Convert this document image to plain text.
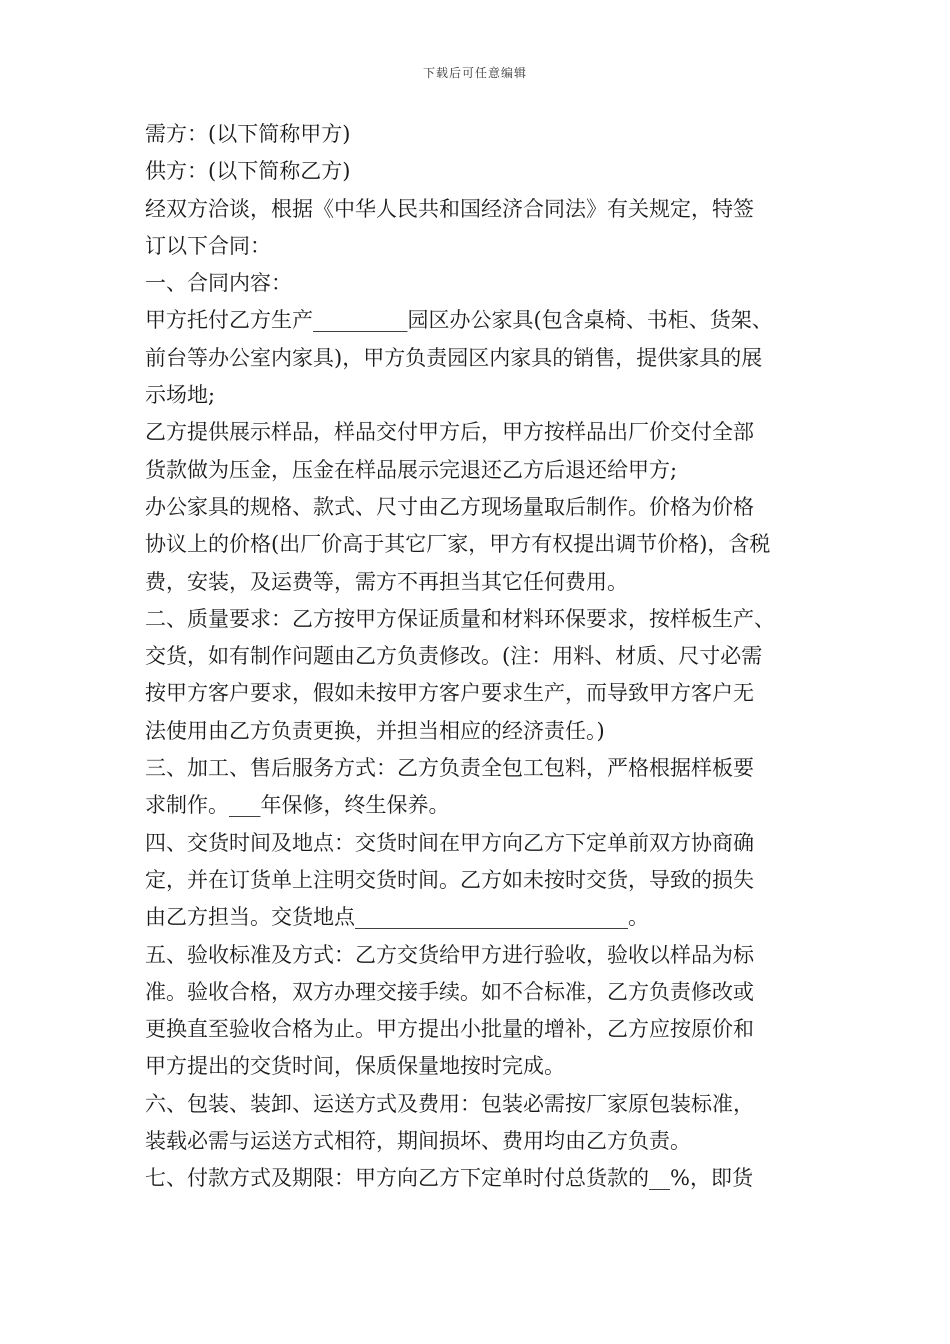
下载后可任意编辑
需方：(以下简称甲方)
供方：(以下简称乙方)
经双方洽谈，根据《中华人民共和国经济合同法》有关规定，特签
订以下合同：
一、合同内容：
甲方托付乙方生产_________园区办公家具(包含桌椅、书柜、货架、
前台等办公室内家具)，甲方负责园区内家具的销售，提供家具的展
示场地;
乙方提供展示样品，样品交付甲方后，甲方按样品出厂价交付全部
货款做为压金，压金在样品展示完退还乙方后退还给甲方;
办公家具的规格、款式、尺寸由乙方现场量取后制作。价格为价格
协议上的价格(出厂价高于其它厂家，甲方有权提出调节价格)，含税
费，安装，及运费等，需方不再担当其它任何费用。
二、质量要求：乙方按甲方保证质量和材料环保要求，按样板生产、
交货，如有制作问题由乙方负责修改。(注：用料、材质、尺寸必需
按甲方客户要求，假如未按甲方客户要求生产，而导致甲方客户无
法使用由乙方负责更换，并担当相应的经济责任。)
三、加工、售后服务方式：乙方负责全包工包料，严格根据样板要
求制作。___年保修，终生保养。
四、交货时间及地点：交货时间在甲方向乙方下定单前双方协商确
定，并在订货单上注明交货时间。乙方如未按时交货，导致的损失
由乙方担当。交货地点__________________________。
五、验收标准及方式：乙方交货给甲方进行验收，验收以样品为标
准。验收合格，双方办理交接手续。如不合标准，乙方负责修改或
更换直至验收合格为止。甲方提出小批量的增补，乙方应按原价和
甲方提出的交货时间，保质保量地按时完成。
六、包装、装卸、运送方式及费用：包装必需按厂家原包装标准，
装载必需与运送方式相符，期间损坏、费用均由乙方负责。
七、付款方式及期限：甲方向乙方下定单时付总货款的__%，即货
